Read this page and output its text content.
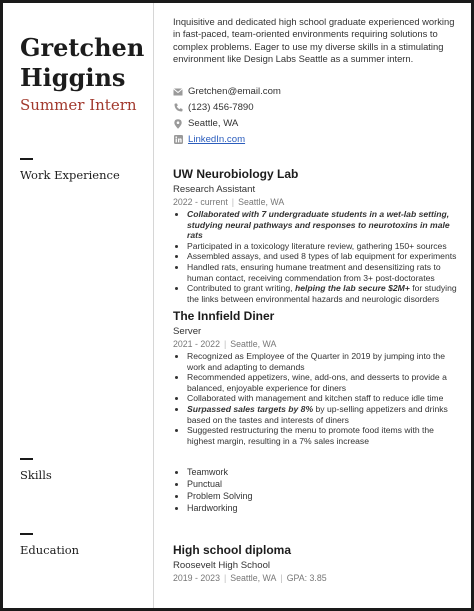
Gretchen
Higgins
Summer Intern
Inquisitive and dedicated high school graduate experienced working in fast-paced, team-oriented environments requiring solutions to complex problems. Eager to use my diverse skills in a stimulating environment like Design Labs Seattle as a summer intern.
Gretchen@email.com
(123) 456-7890
Seattle, WA
LinkedIn.com
Work Experience	UW Neurobiology Lab
Research Assistant
2022 - current | Seattle, WA
• Collaborated with 7 undergraduate students in a wet-lab setting, studying neural pathways and responses to neurotoxins in male rats
• Participated in a toxicology literature review, gathering 150+ sources
• Assembled assays, and used 8 types of lab equipment for experiments
• Handled rats, ensuring humane treatment and desensitizing rats to human contact, receiving commendation from 3+ post-doctorates
• Contributed to grant writing, helping the lab secure $2M+ for studying the links between environmental hazards and neurologic disorders
The Innfield Diner
Server
2021 - 2022 | Seattle, WA
• Recognized as Employee of the Quarter in 2019 by jumping into the work and adapting to demands
• Recommended appetizers, wine, add-ons, and desserts to provide a balanced, enjoyable experience for diners
• Collaborated with management and kitchen staff to reduce idle time
• Surpassed sales targets by 8% by up-selling appetizers and drinks based on the tastes and interests of diners
• Suggested restructuring the menu to promote food items with the highest margin, resulting in a 7% sales increase
Skills
•	Teamwork
• Punctual
• Problem Solving
• Hardworking
Education	High school diploma
Roosevelt High School
2019 - 2023 | Seattle, WA | GPA: 3.85
